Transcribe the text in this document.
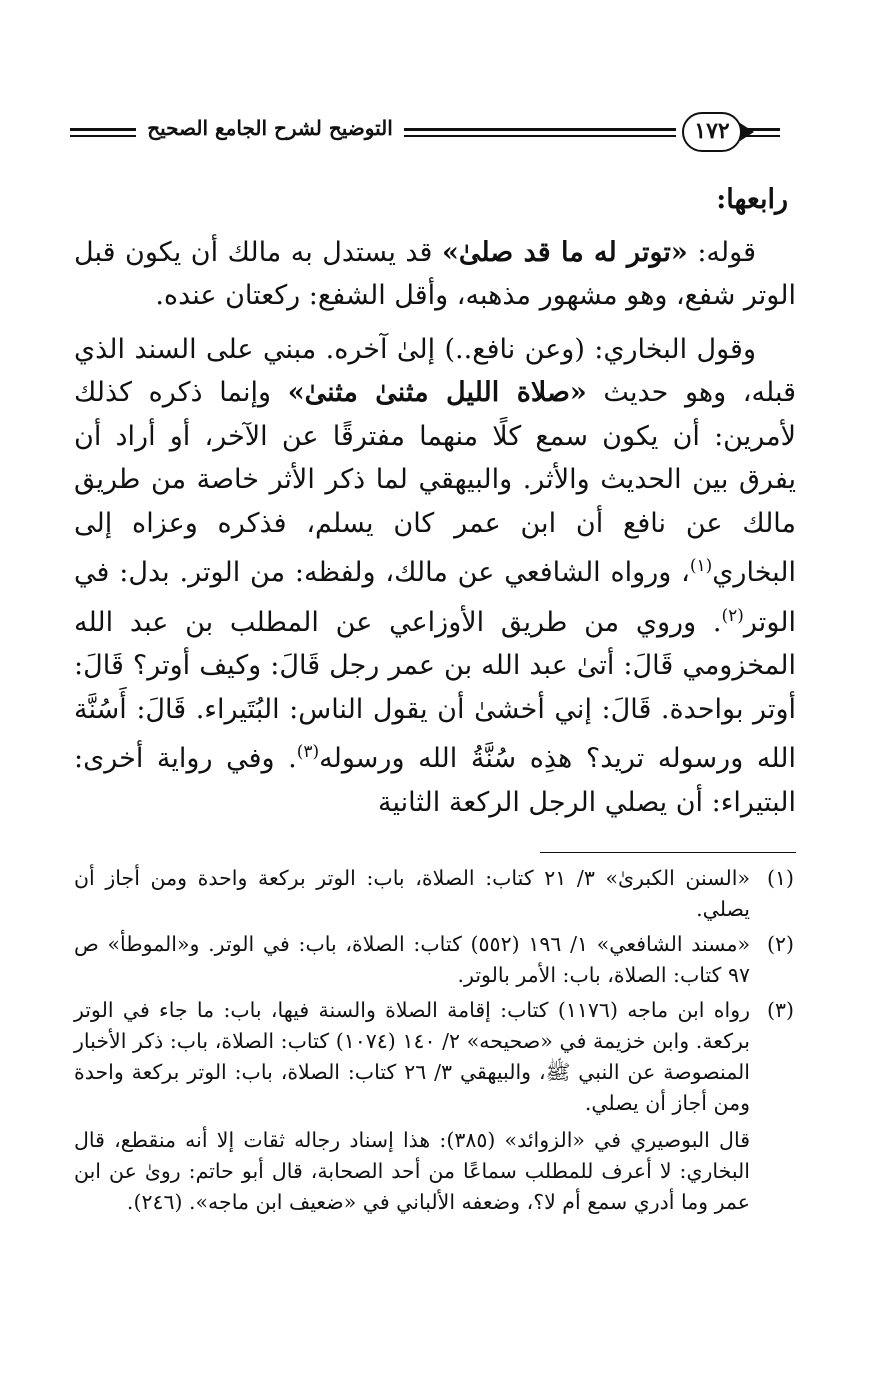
التوضيح لشرح الجامع الصحيح	١٧٢

رابعها:

قوله: «توتر له ما قد صلىٰ» قد يستدل به مالك أن يكون قبل الوتر شفع، وهو مشهور مذهبه، وأقل الشفع: ركعتان عنده.

وقول البخاري: (وعن نافع..) إلىٰ آخره. مبني على السند الذي قبله، وهو حديث «صلاة الليل مثنىٰ مثنىٰ» وإنما ذكره كذلك لأمرين: أن يكون سمع كلًا منهما مفترقًا عن الآخر، أو أراد أن يفرق بين الحديث والأثر. والبيهقي لما ذكر الأثر خاصة من طريق مالك عن نافع أن ابن عمر كان يسلم، فذكره وعزاه إلى البخاري$^{(١)}$، ورواه الشافعي عن مالك، ولفظه: من الوتر. بدل: في الوتر$^{(٢)}$. وروي من طريق الأوزاعي عن المطلب بن عبد الله المخزومي قَالَ: أتىٰ عبد الله بن عمر رجل قَالَ: وكيف أوتر؟ قَالَ: أوتر بواحدة. قَالَ: إني أخشىٰ أن يقول الناس: البُتَيراء. قَالَ: أَسُنَّة الله ورسوله تريد؟ هذِه سُنَّةُ الله ورسوله$^{(٣)}$. وفي رواية أخرى: البتيراء: أن يصلي الرجل الركعة الثانية

(١)

«السنن الكبرىٰ» ٣/ ٢١ كتاب: الصلاة، باب: الوتر بركعة واحدة ومن أجاز أن يصلي.

(٢)

«مسند الشافعي» ١/ ١٩٦ (٥٥٢) كتاب: الصلاة، باب: في الوتر. و«الموطأ» ص ٩٧ كتاب: الصلاة، باب: الأمر بالوتر.

(٣)

رواه ابن ماجه (١١٧٦) كتاب: إقامة الصلاة والسنة فيها، باب: ما جاء في الوتر بركعة. وابن خزيمة في «صحيحه» ٢/ ١٤٠ (١٠٧٤) كتاب: الصلاة، باب: ذكر الأخبار المنصوصة عن النبي ﷺ، والبيهقي ٣/ ٢٦ كتاب: الصلاة، باب: الوتر بركعة واحدة ومن أجاز أن يصلي.

قال البوصيري في «الزوائد» (٣٨٥): هذا إسناد رجاله ثقات إلا أنه منقطع، قال البخاري: لا أعرف للمطلب سماعًا من أحد الصحابة، قال أبو حاتم: روىٰ عن ابن عمر وما أدري سمع أم لا؟، وضعفه الألباني في «ضعيف ابن ماجه». (٢٤٦).
